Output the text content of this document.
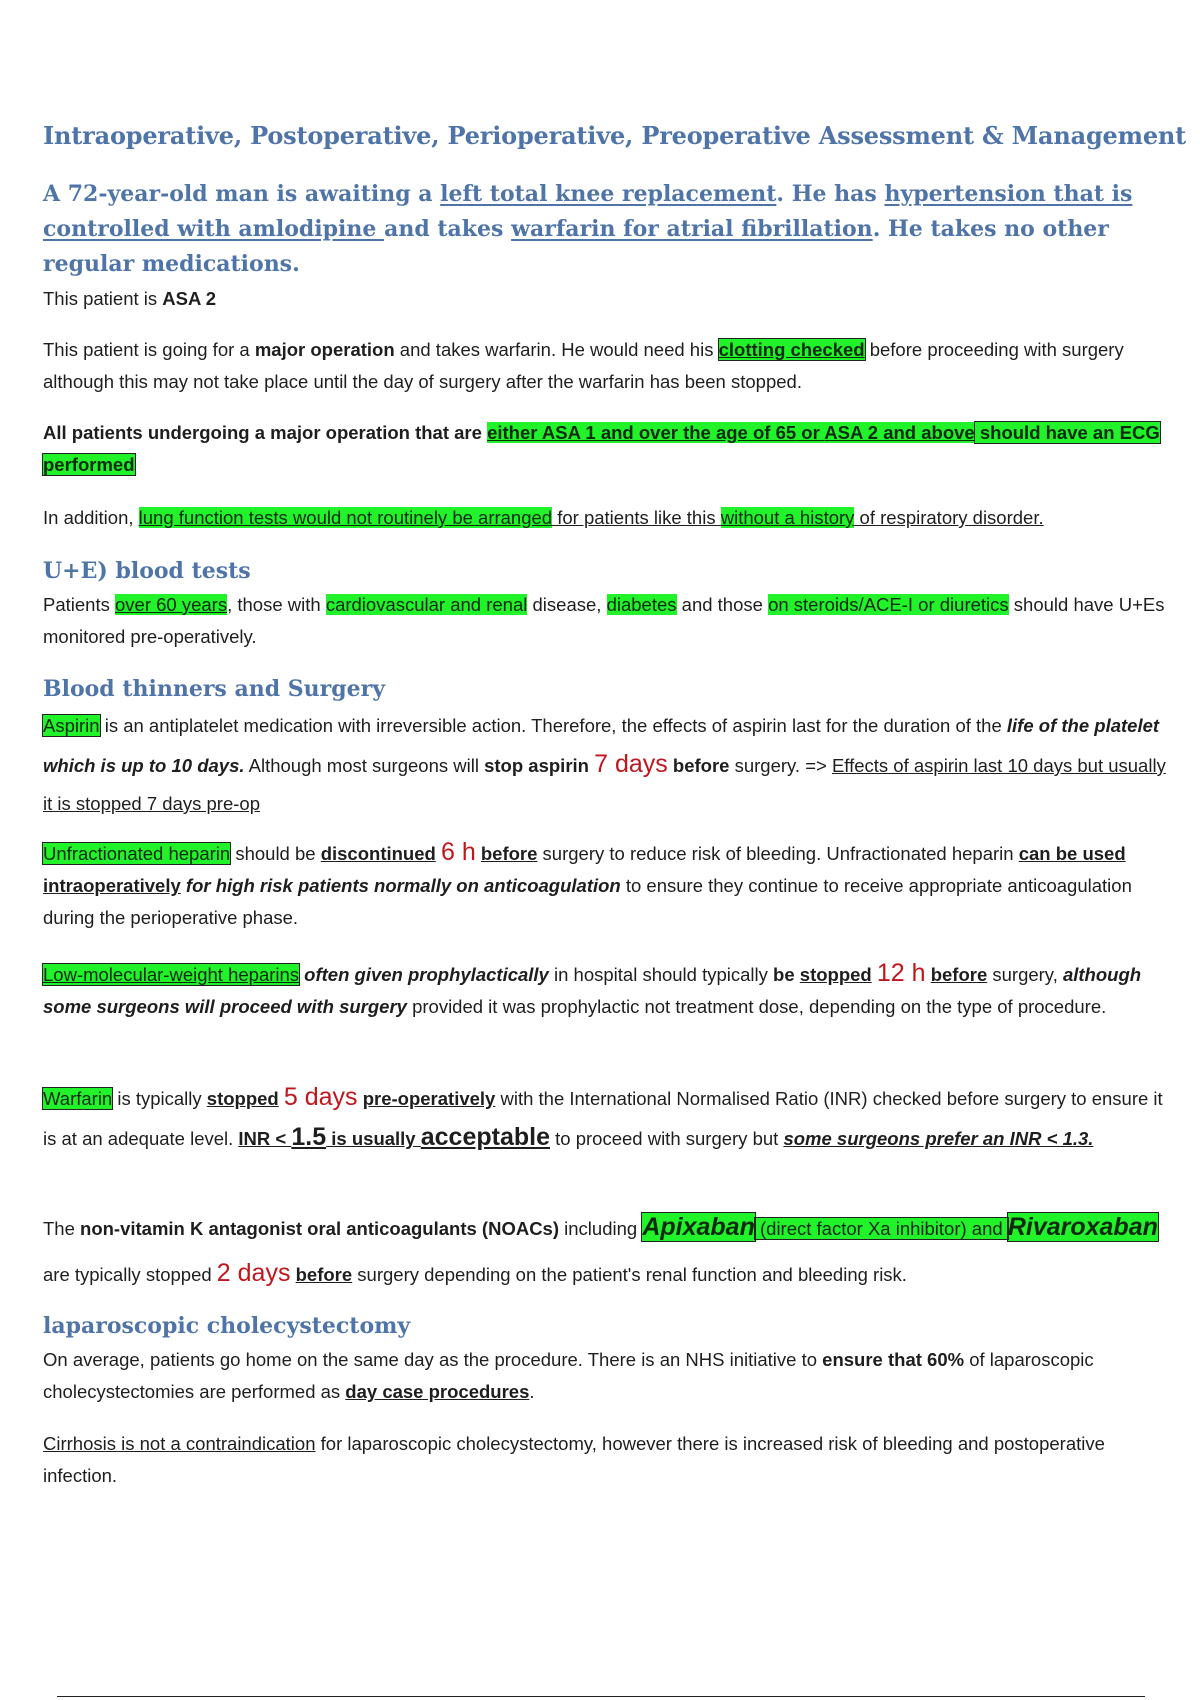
Intraoperative, Postoperative, Perioperative, Preoperative Assessment & Management
A 72-year-old man is awaiting a left total knee replacement. He has hypertension that is controlled with amlodipine and takes warfarin for atrial fibrillation. He takes no other regular medications.
This patient is ASA 2
This patient is going for a major operation and takes warfarin. He would need his clotting checked before proceeding with surgery although this may not take place until the day of surgery after the warfarin has been stopped.
All patients undergoing a major operation that are either ASA 1 and over the age of 65 or ASA 2 and above should have an ECG performed
In addition, lung function tests would not routinely be arranged for patients like this without a history of respiratory disorder.
U+E) blood tests
Patients over 60 years, those with cardiovascular and renal disease, diabetes and those on steroids/ACE-I or diuretics should have U+Es monitored pre-operatively.
Blood thinners and Surgery
Aspirin is an antiplatelet medication with irreversible action. Therefore, the effects of aspirin last for the duration of the life of the platelet which is up to 10 days. Although most surgeons will stop aspirin 7 days before surgery. => Effects of aspirin last 10 days but usually it is stopped 7 days pre-op
Unfractionated heparin should be discontinued 6 h before surgery to reduce risk of bleeding. Unfractionated heparin can be used intraoperatively for high risk patients normally on anticoagulation to ensure they continue to receive appropriate anticoagulation during the perioperative phase.
Low-molecular-weight heparins often given prophylactically in hospital should typically be stopped 12 h before surgery, although some surgeons will proceed with surgery provided it was prophylactic not treatment dose, depending on the type of procedure.
Warfarin is typically stopped 5 days pre-operatively with the International Normalised Ratio (INR) checked before surgery to ensure it is at an adequate level. INR < 1.5 is usually acceptable to proceed with surgery but some surgeons prefer an INR < 1.3.
The non-vitamin K antagonist oral anticoagulants (NOACs) including Apixaban (direct factor Xa inhibitor) and Rivaroxaban are typically stopped 2 days before surgery depending on the patient's renal function and bleeding risk.
laparoscopic cholecystectomy
On average, patients go home on the same day as the procedure. There is an NHS initiative to ensure that 60% of laparoscopic cholecystectomies are performed as day case procedures.
Cirrhosis is not a contraindication for laparoscopic cholecystectomy, however there is increased risk of bleeding and postoperative infection.
